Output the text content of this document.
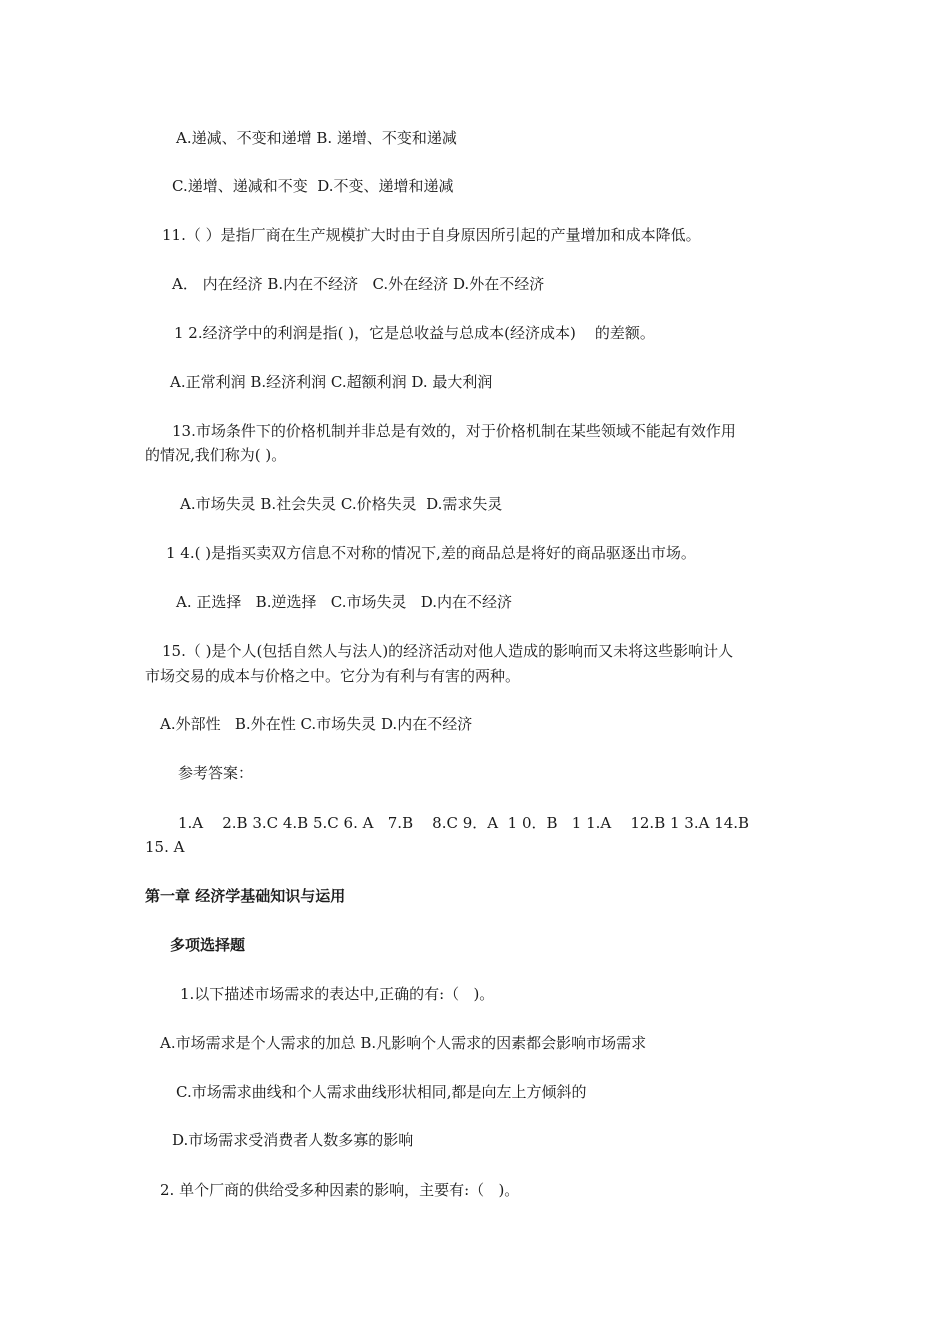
A.递减、不变和递增 B. 递增、不变和递减
C.递增、递减和不变  D.不变、递增和递减
11.（ ）是指厂商在生产规模扩大时由于自身原因所引起的产量增加和成本降低。
A． 内在经济 B.内在不经济   C.外在经济 D.外在不经济
1 2.经济学中的利润是指( )，它是总收益与总成本(经济成本)    的差额。
A.正常利润 B.经济利润 C.超额利润 D. 最大利润
13.市场条件下的价格机制并非总是有效的，对于价格机制在某些领域不能起有效作用
的情况,我们称为( )。
A.市场失灵 B.社会失灵 C.价格失灵  D.需求失灵
1 4.( )是指买卖双方信息不对称的情况下,差的商品总是将好的商品驱逐出市场。
A. 正选择   B.逆选择   C.市场失灵   D.内在不经济
15.（ )是个人(包括自然人与法人)的经济活动对他人造成的影响而又未将这些影响计人
市场交易的成本与价格之中。它分为有利与有害的两种。
A.外部性   B.外在性 C.市场失灵 D.内在不经济
参考答案：
1.A    2.B 3.C 4.B 5.C 6. A   7.B    8.C 9．A  1 0．B   1 1.A    12.B 1 3.A 14.B
15. A
第一章 经济学基础知识与运用
多项选择题
1.以下描述市场需求的表达中,正确的有:（   )。
A.市场需求是个人需求的加总 B.凡影响个人需求的因素都会影响市场需求
C.市场需求曲线和个人需求曲线形状相同,都是向左上方倾斜的
D.市场需求受消费者人数多寡的影响
2. 单个厂商的供给受多种因素的影响，主要有:（   )。
